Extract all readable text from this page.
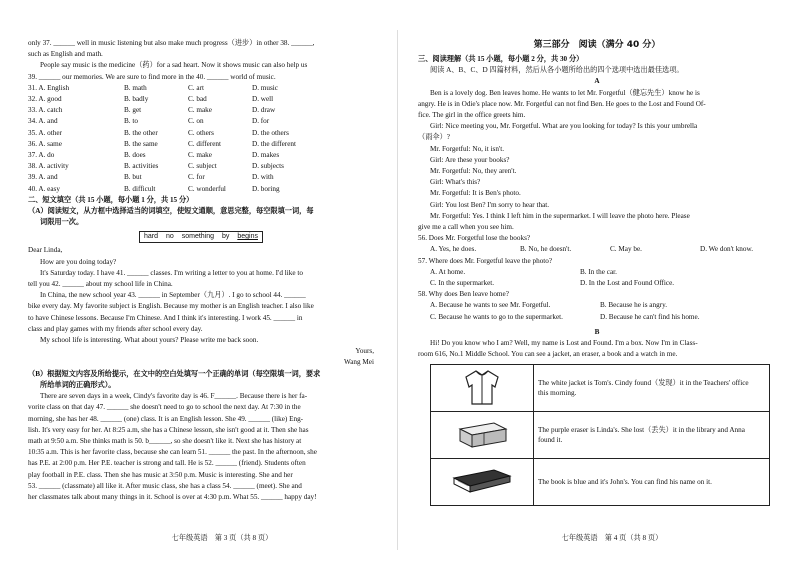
only 37. ______ well in music listening but also make much progress（进步）in other 38. ______,
such as English and math.
People say music is the medicine（药）for a sad heart. Now it shows music can also help us
39. ______ our memories. We are sure to find more in the 40. ______ world of music.
31. A. English	B. math	C. art	D. music
32. A. good	B. badly	C. bad	D. well
33. A. catch	B. get	C. make	D. draw
34. A. and	B. to	C. on	D. for
35. A. other	B. the other	C. others	D. the others
36. A. same	B. the same	C. different	D. the different
37. A. do	B. does	C. make	D. makes
38. A. activity	B. activities	C. subject	D. subjects
39. A. and	B. but	C. for	D. with
40. A. easy	B. difficult	C. wonderful	D. boring
二、短文填空（共 15 小题，每小题 1 分，共 15 分）
（A）阅读短文，从方框中选择适当的词填空，使短文通顺，意思完整，每空限填一词，每
词限用一次。
hard no something by begins
Dear Linda,
How are you doing today?
It's Saturday today. I have 41. ______ classes. I'm writing a letter to you at home. I'd like to
tell you 42. ______ about my school life in China.
In China, the new school year 43. ______ in September（九月）. I go to school 44. ______
bike every day. My favorite subject is English. Because my mother is an English teacher. I also like
to have Chinese lessons. Because I'm Chinese. And I think it's interesting. I work 45. ______ in
class and play games with my friends after school every day.
My school life is interesting. What about yours? Please write me back soon.
Yours,
Wang Mei
（B）根据短文内容及所给提示，在文中的空白处填写一个正确的单词（每空限填一词，要求
所给单词的正确形式）。
There are seven days in a week, Cindy's favorite day is 46. F______. Because there is her fa-
vorite class on that day 47. ______ she doesn't need to go to school the next day. At 7:30 in the
morning, she has her 48. ______ (one) class. It is an English lesson. She 49. ______ (like) Eng-
lish. It's very easy for her. At 8:25 a.m, she has a Chinese lesson, she isn't good at it. Then she has
math at 9:50 a.m. She thinks math is 50. b______, so she doesn't like it. Next she has history at
10:35 a.m. This is her favorite class, because she can learn 51. ______ the past. In the afternoon, she
has P.E. at 2:00 p.m. Her P.E. teacher is strong and tall. He is 52. ______ (friend). Students often
play football in P.E. class. Then she has music at 3:50 p.m. Music is interesting. She and her
53. ______ (classmate) all like it. After music class, she has a class 54. ______ (meet). She and
her classmates talk about many things in it. School is over at 4:30 p.m. What 55. ______ happy day!
七年级英语　第 3 页（共 8 页）
第三部分　阅读（满分 40 分）
三、阅读理解（共 15 小题，每小题 2 分，共 30 分）
阅读 A、B、C、D 四篇材料，然后从各小题所给出的四个选项中选出最佳选项。
A
Ben is a lovely dog. Ben leaves home. He wants to let Mr. Forgetful（健忘先生）know he is
angry. He is in Odie's place now. Mr. Forgetful can not find Ben. He goes to the Lost and Found Of-
fice. The girl in the office greets him.
Girl: Nice meeting you, Mr. Forgetful. What are you looking for today? Is this your umbrella
（雨伞）?
Mr. Forgetful: No, it isn't.
Girl: Are these your books?
Mr. Forgetful: No, they aren't.
Girl: What's this?
Mr. Forgetful: It is Ben's photo.
Girl: You lost Ben? I'm sorry to hear that.
Mr. Forgetful: Yes. I think I left him in the supermarket. I will leave the photo here. Please
give me a call when you see him.
56. Does Mr. Forgetful lose the books?
A. Yes, he does.	B. No, he doesn't.	C. May be.	D. We don't know.
57. Where does Mr. Forgetful leave the photo?
A. At home.	B. In the car.
C. In the supermarket.	D. In the Lost and Found Office.
58. Why does Ben leave home?
A. Because he wants to see Mr. Forgetful.	B. Because he is angry.
C. Because he wants to go to the supermarket.	D. Because he can't find his home.
B
Hi! Do you know who I am? Well, my name is Lost and Found. I'm a box. Now I'm in Class-
room 616, No.1 Middle School. You can see a jacket, an eraser, a book and a watch in me.

The white jacket is Tom's. Cindy found（发现）it in the Teachers' office
this morning.

The purple eraser is Linda's. She lost（丢失）it in the library and Anna
found it.

The book is blue and it's John's. You can find his name on it.
七年级英语　第 4 页（共 8 页）
